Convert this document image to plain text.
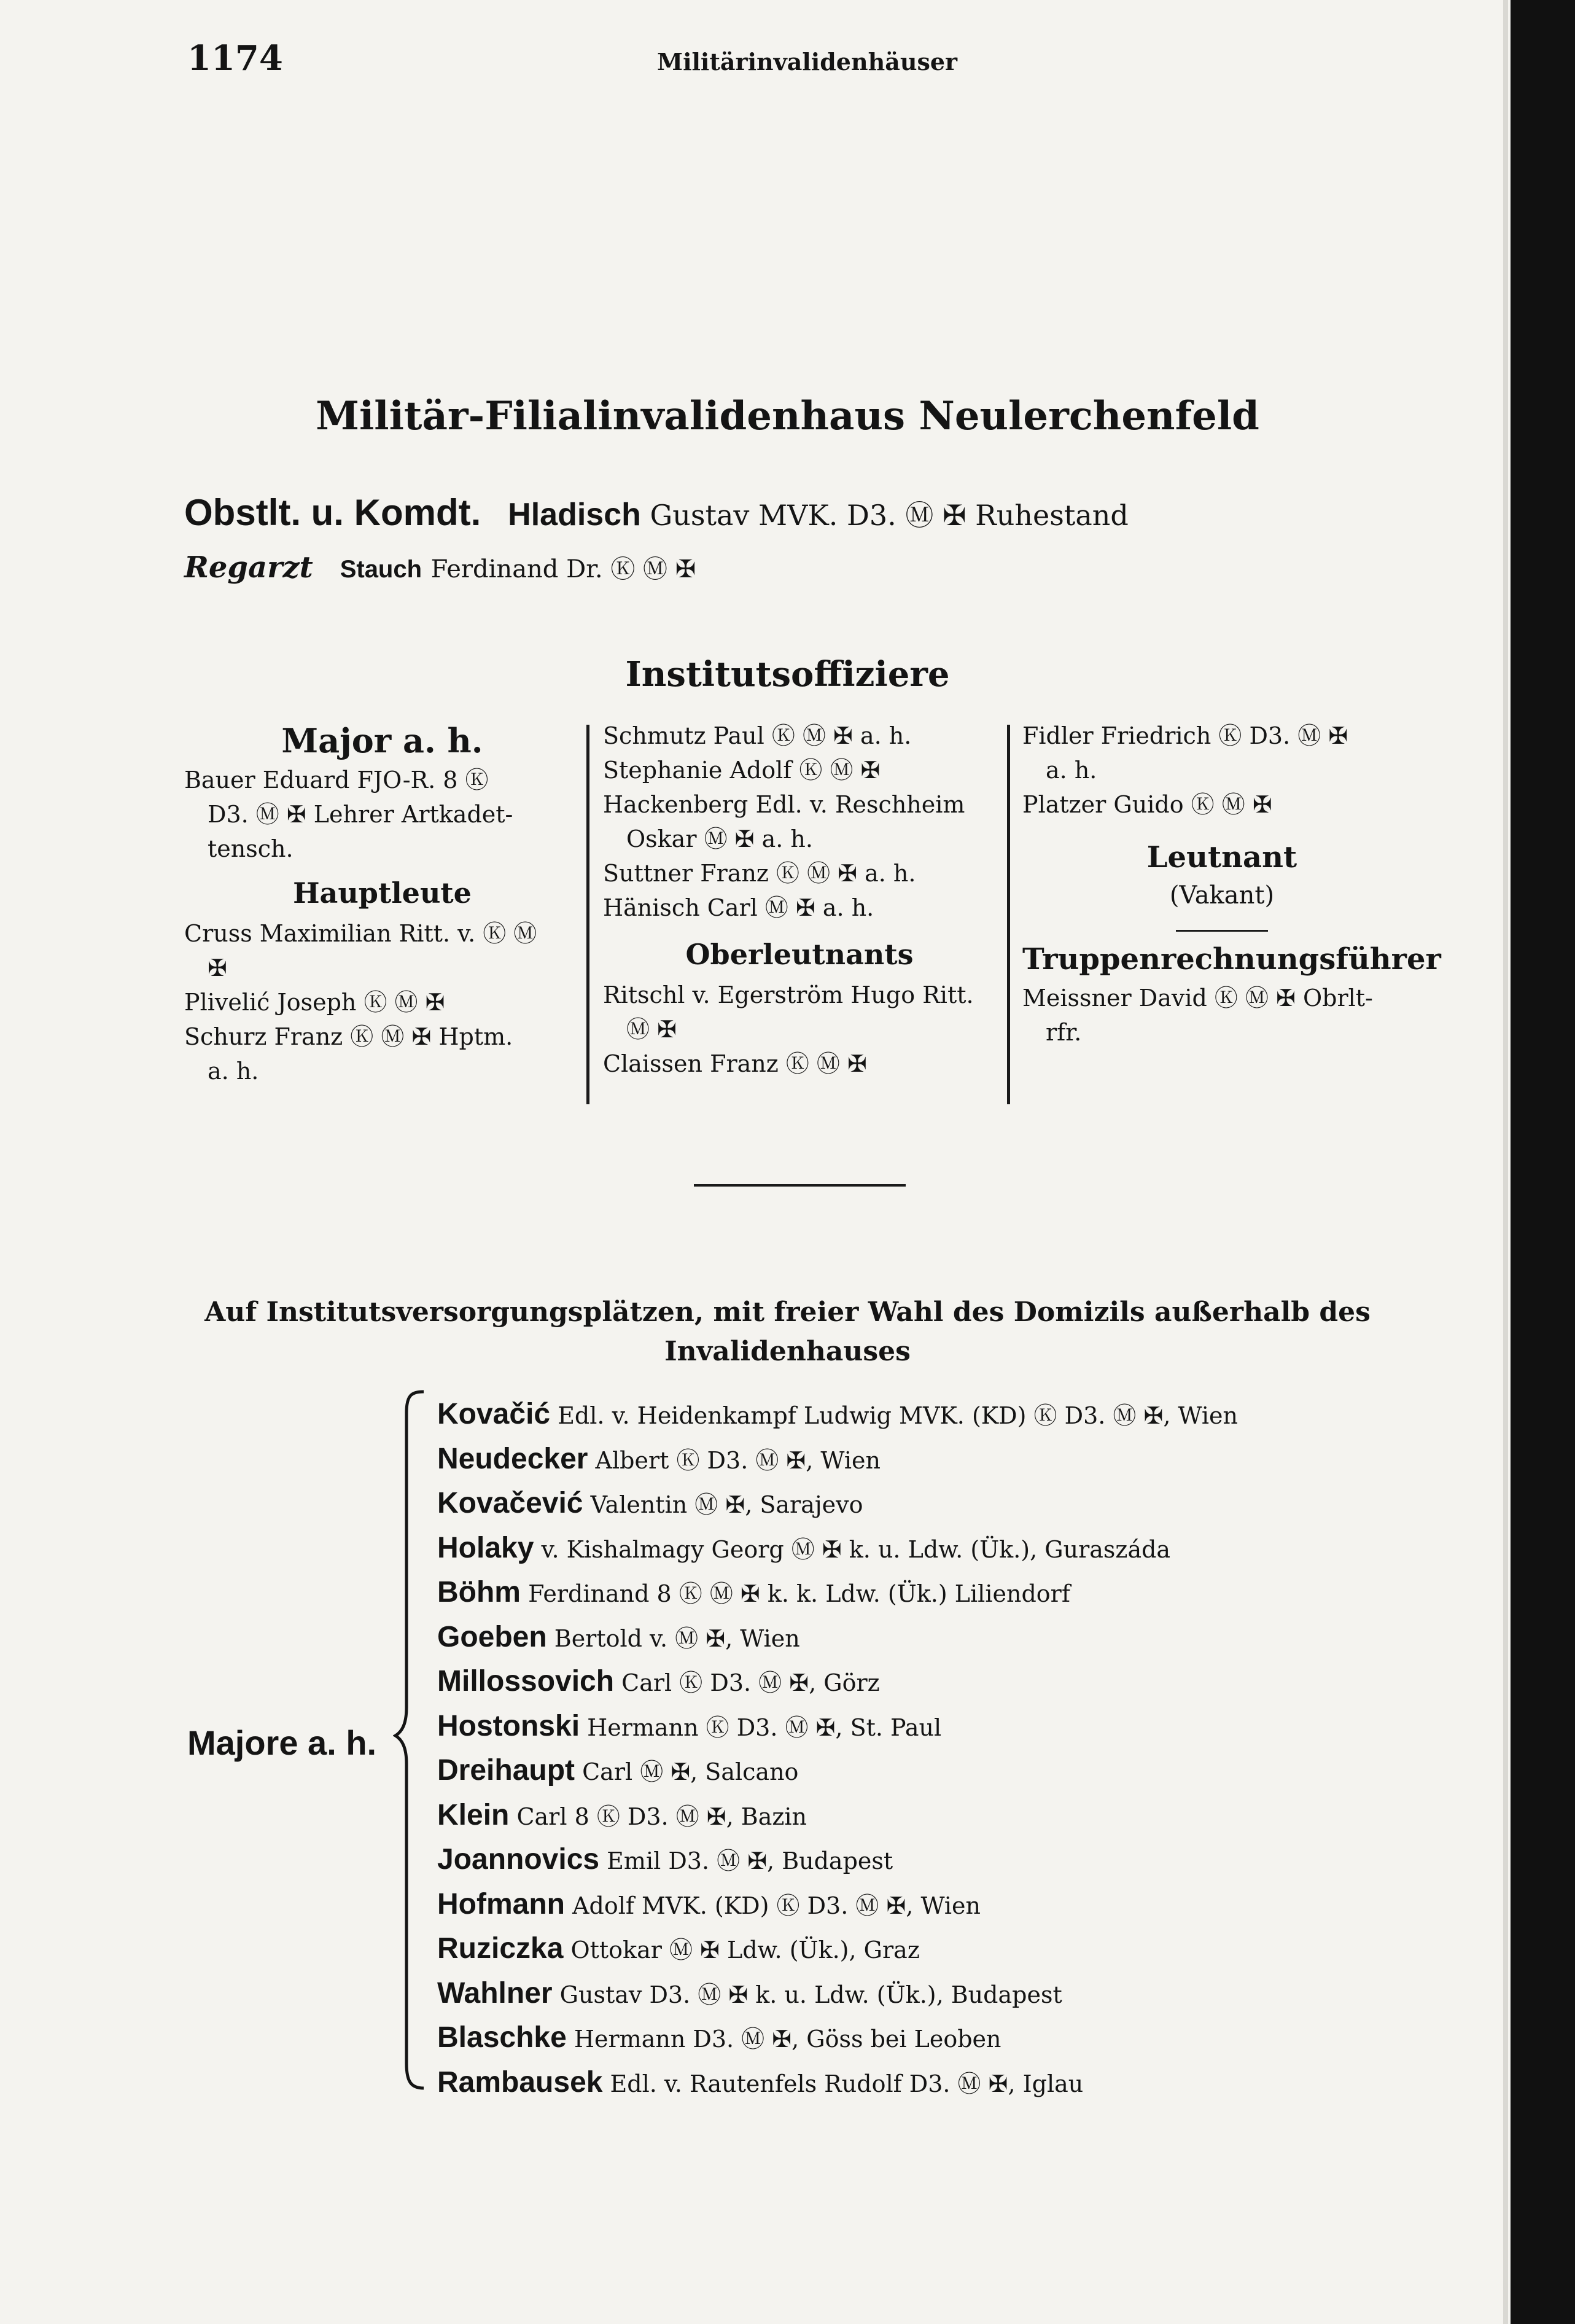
1174	Militärinvalidenhäuser
Militär-Filialinvalidenhaus Neulerchenfeld
Obstlt. u. Komdt. Hladisch Gustav MVK. D3. Ⓜ ✠ Ruhestand
Regarzt Stauch Ferdinand Dr. Ⓚ Ⓜ ✠
Institutsoffiziere
Major a. h.
Bauer Eduard FJO-R. 8 Ⓚ
D3. Ⓜ ✠ Lehrer Artkadet-
tensch.
Hauptleute
Cruss Maximilian Ritt. v. Ⓚ Ⓜ
✠
Plivelić Joseph Ⓚ Ⓜ ✠
Schurz Franz Ⓚ Ⓜ ✠ Hptm.
a. h.
Schmutz Paul Ⓚ Ⓜ ✠ a. h.
Stephanie Adolf Ⓚ Ⓜ ✠
Hackenberg Edl. v. Reschheim
Oskar Ⓜ ✠ a. h.
Suttner Franz Ⓚ Ⓜ ✠ a. h.
Hänisch Carl Ⓜ ✠ a. h.
Oberleutnants
Ritschl v. Egerström Hugo Ritt.
Ⓜ ✠
Claissen Franz Ⓚ Ⓜ ✠
Fidler Friedrich Ⓚ D3. Ⓜ ✠
a. h.
Platzer Guido Ⓚ Ⓜ ✠
Leutnant
(Vakant)
Truppenrechnungsführer
Meissner David Ⓚ Ⓜ ✠ Obrlt-
rfr.
Auf Institutsversorgungsplätzen, mit freier Wahl des Domizils außerhalb des
Invalidenhauses
Majore a. h.
Kovačić Edl. v. Heidenkampf Ludwig MVK. (KD) Ⓚ D3. Ⓜ ✠, Wien
Neudecker Albert Ⓚ D3. Ⓜ ✠, Wien
Kovačević Valentin Ⓜ ✠, Sarajevo
Holaky v. Kishalmagy Georg Ⓜ ✠ k. u. Ldw. (Ük.), Guraszáda
Böhm Ferdinand 8 Ⓚ Ⓜ ✠ k. k. Ldw. (Ük.) Liliendorf
Goeben Bertold v. Ⓜ ✠, Wien
Millossovich Carl Ⓚ D3. Ⓜ ✠, Görz
Hostonski Hermann Ⓚ D3. Ⓜ ✠, St. Paul
Dreihaupt Carl Ⓜ ✠, Salcano
Klein Carl 8 Ⓚ D3. Ⓜ ✠, Bazin
Joannovics Emil D3. Ⓜ ✠, Budapest
Hofmann Adolf MVK. (KD) Ⓚ D3. Ⓜ ✠, Wien
Ruziczka Ottokar Ⓜ ✠ Ldw. (Ük.), Graz
Wahlner Gustav D3. Ⓜ ✠ k. u. Ldw. (Ük.), Budapest
Blaschke Hermann D3. Ⓜ ✠, Göss bei Leoben
Rambausek Edl. v. Rautenfels Rudolf D3. Ⓜ ✠, Iglau
